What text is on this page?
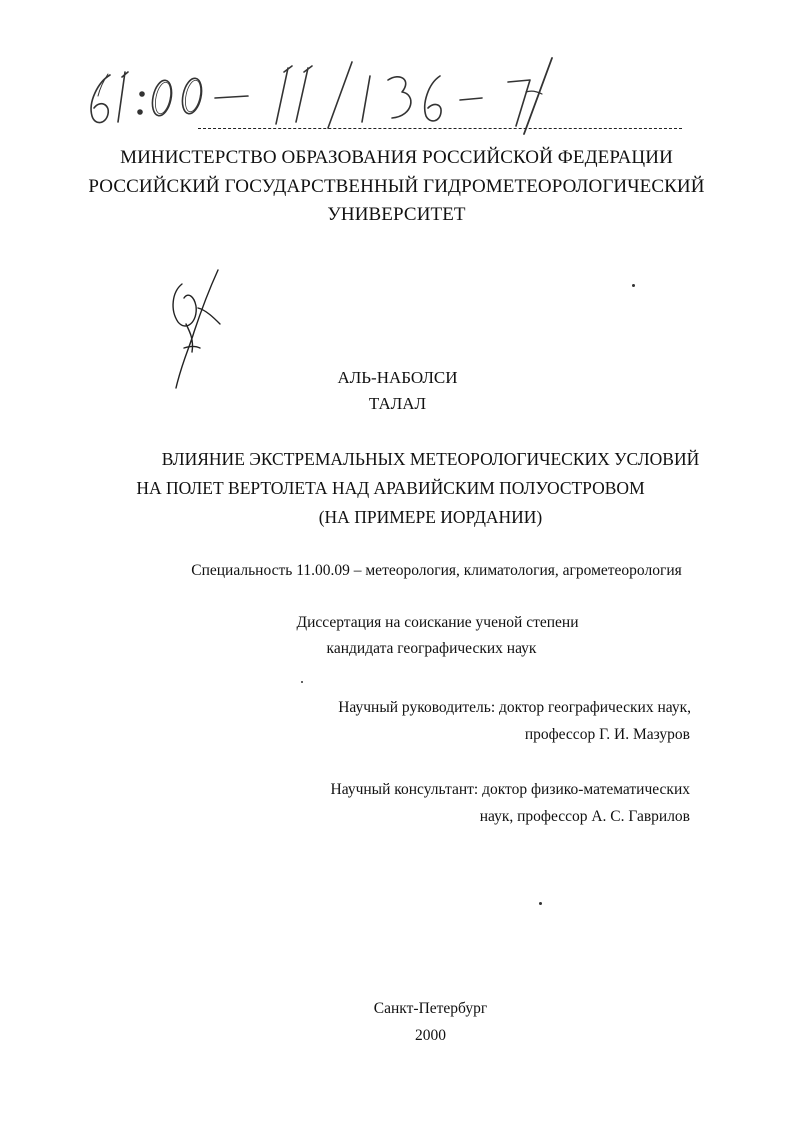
МИНИСТЕРСТВО ОБРАЗОВАНИЯ РОССИЙСКОЙ ФЕДЕРАЦИИ
РОССИЙСКИЙ ГОСУДАРСТВЕННЫЙ ГИДРОМЕТЕОРОЛОГИЧЕСКИЙ
УНИВЕРСИТЕТ
АЛЬ-НАБОЛСИ
ТАЛАЛ
ВЛИЯНИЕ ЭКСТРЕМАЛЬНЫХ МЕТЕОРОЛОГИЧЕСКИХ УСЛОВИЙ
НА ПОЛЕТ ВЕРТОЛЕТА НАД АРАВИЙСКИМ ПОЛУОСТРОВОМ
(НА ПРИМЕРЕ ИОРДАНИИ)
Специальность 11.00.09 – метеорология, климатология, агрометеорология
Диссертация на соискание ученой степени
кандидата географических наук
Научный руководитель: доктор географических наук,
профессор Г. И. Мазуров
Научный консультант: доктор физико-математических
наук, профессор А. С. Гаврилов
Санкт-Петербург
2000
